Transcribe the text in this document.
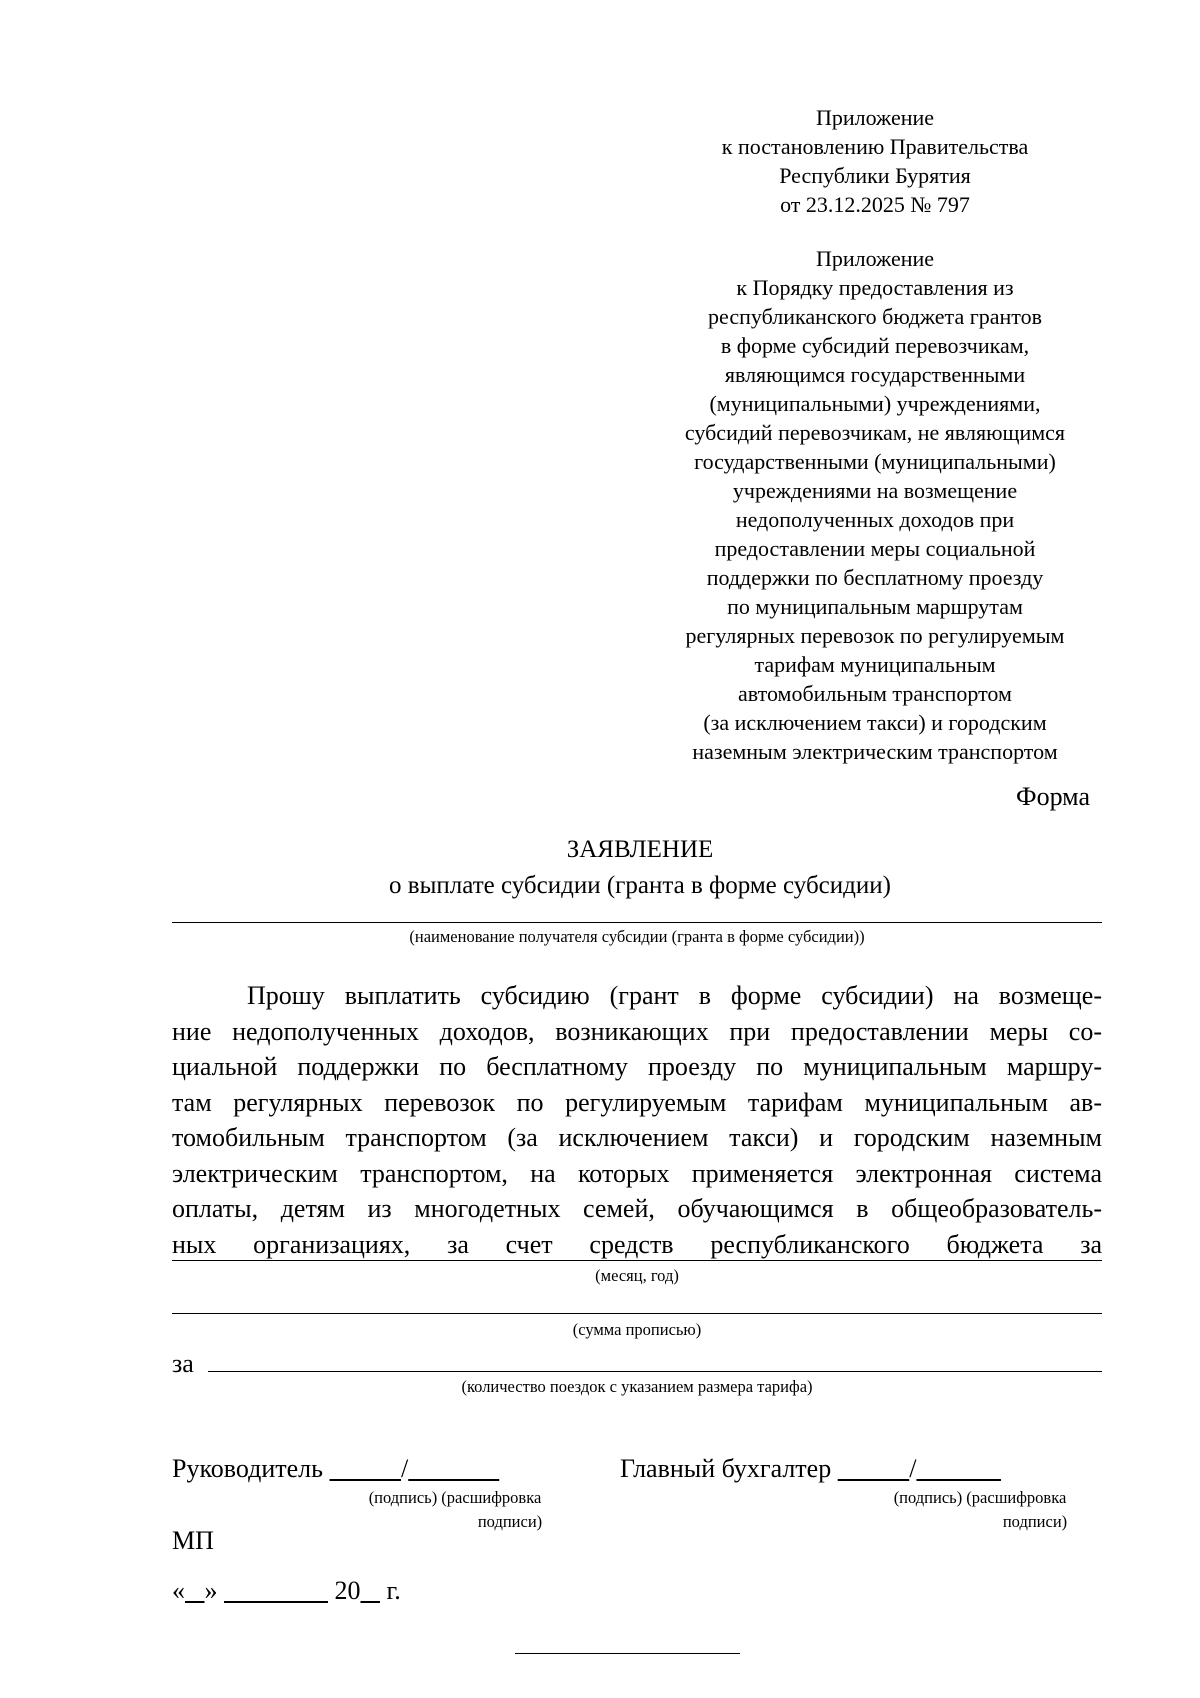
Приложение
к постановлению Правительства
Республики Бурятия
от 23.12.2025 № 797
Приложение
к Порядку предоставления из
республиканского бюджета грантов
в форме субсидий перевозчикам,
являющимся государственными
(муниципальными) учреждениями,
субсидий перевозчикам, не являющимся
государственными (муниципальными)
учреждениями на возмещение
недополученных доходов при
предоставлении меры социальной
поддержки по бесплатному проезду
по муниципальным маршрутам
регулярных перевозок по регулируемым
тарифам муниципальным
автомобильным транспортом
(за исключением такси) и городским
наземным электрическим транспортом
Форма
ЗАЯВЛЕНИЕ
о выплате субсидии (гранта в форме субсидии)
(наименование получателя субсидии (гранта в форме субсидии))
Прошу выплатить субсидию (грант в форме субсидии) на возмеще-
ние недополученных доходов, возникающих при предоставлении меры со-
циальной поддержки по бесплатному проезду по муниципальным маршру-
там регулярных перевозок по регулируемым тарифам муниципальным ав-
томобильным транспортом (за исключением такси) и городским наземным
электрическим транспортом, на которых применяется электронная система
оплаты, детям из многодетных семей, обучающимся в общеобразователь-
ных организациях, за счет средств республиканского бюджета за
(месяц, год)
(сумма прописью)
за
(количество поездок с указанием размера тарифа)
Руководитель	/
(подпись) (расшифровка
подписи)
Главный бухгалтер	/
(подпись) (расшифровка
подписи)
МП
« »	20 г.
